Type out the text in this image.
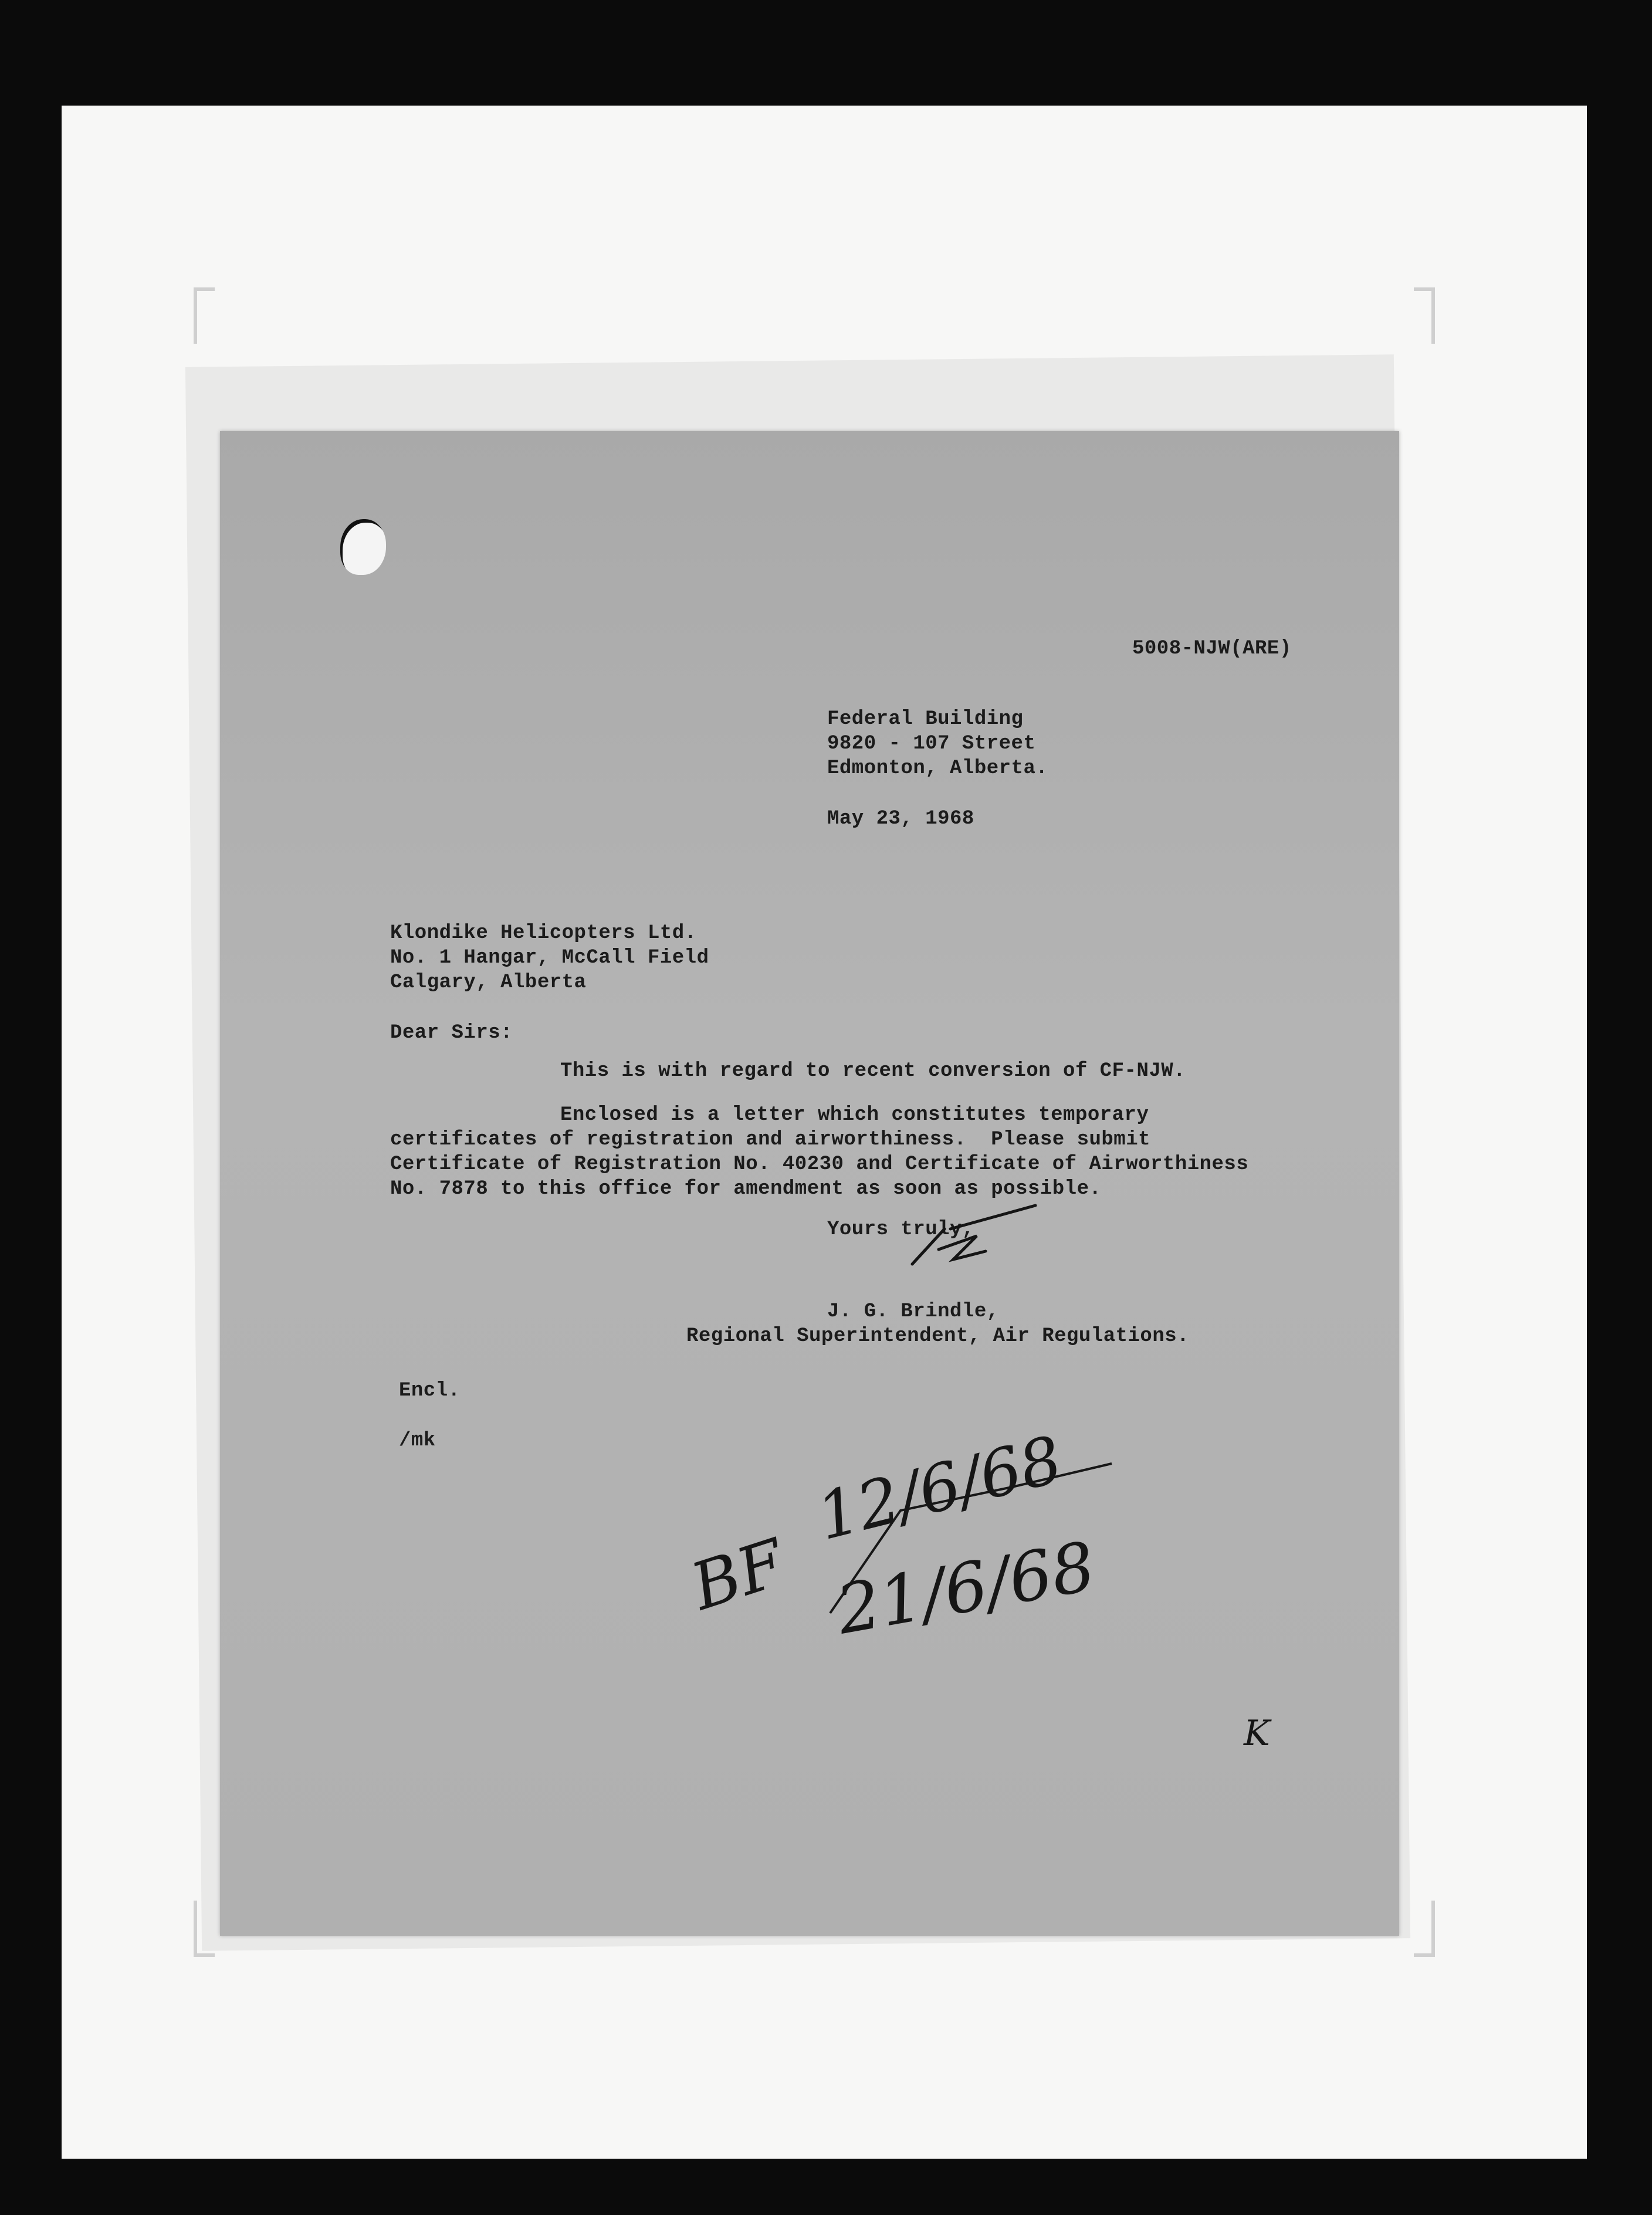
5008-NJW(ARE)
Federal Building
9820 - 107 Street
Edmonton, Alberta.
May 23, 1968
Klondike Helicopters Ltd.
No. 1 Hangar, McCall Field
Calgary, Alberta
Dear Sirs:
This is with regard to recent conversion of CF-NJW.
Enclosed is a letter which constitutes temporary
certificates of registration and airworthiness.  Please submit
Certificate of Registration No. 40230 and Certificate of Airworthiness
No. 7878 to this office for amendment as soon as possible.
Yours truly,
J. G. Brindle,
Regional Superintendent, Air Regulations.
Encl.
/mk
JB
BF
12/6/68
21/6/68
K
